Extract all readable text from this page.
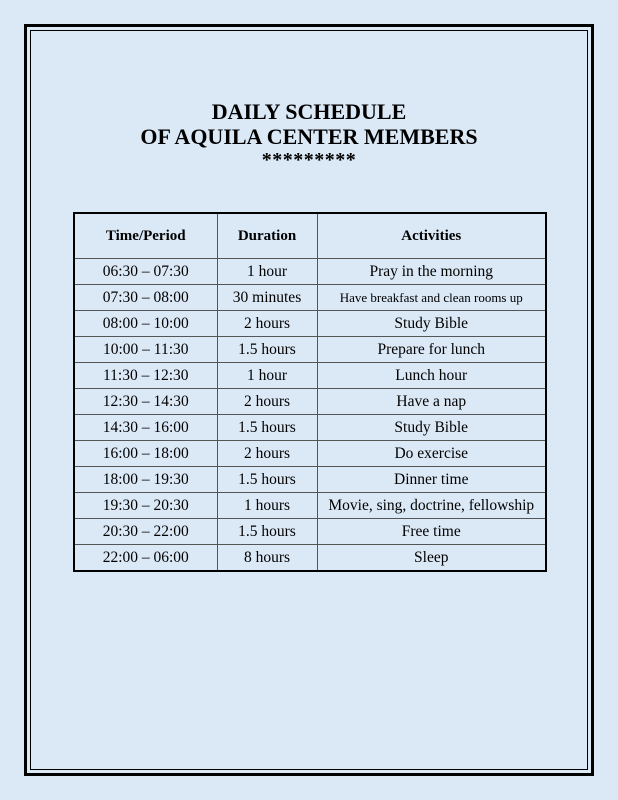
DAILY SCHEDULE
OF AQUILA CENTER MEMBERS
*********
Time/Period	Duration	Activities
06:30 – 07:30	1 hour	Pray in the morning
07:30 – 08:00	30 minutes	Have breakfast and clean rooms up
08:00 – 10:00	2 hours	Study Bible
10:00 – 11:30	1.5 hours	Prepare for lunch
11:30 – 12:30	1 hour	Lunch hour
12:30 – 14:30	2 hours	Have a nap
14:30 – 16:00	1.5 hours	Study Bible
16:00 – 18:00	2 hours	Do exercise
18:00 – 19:30	1.5 hours	Dinner time
19:30 – 20:30	1 hours	Movie, sing, doctrine, fellowship
20:30 – 22:00	1.5 hours	Free time
22:00 – 06:00	8 hours	Sleep
